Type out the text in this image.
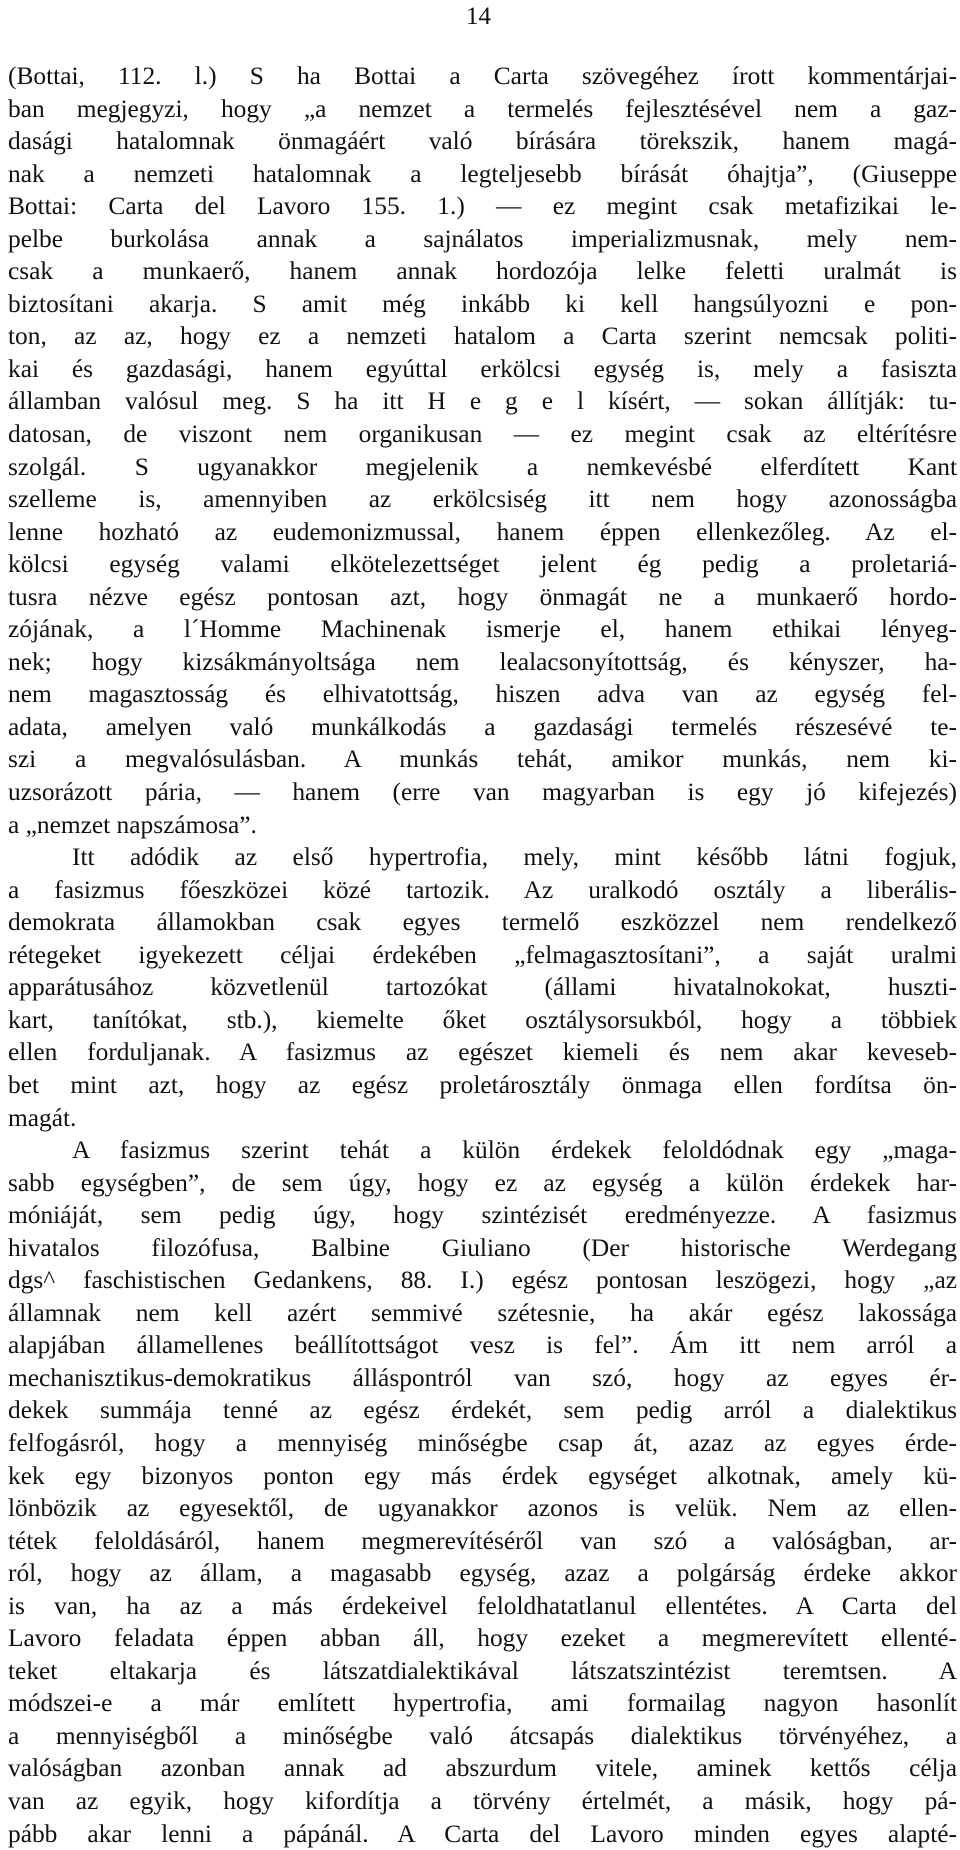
14
(Bottai, 112. l.) S ha Bottai a Carta szövegéhez írott kommentárjai-
ban megjegyzi, hogy „a nemzet a termelés fejlesztésével nem a gaz-
dasági hatalomnak önmagáért való bírására törekszik, hanem magá-
nak a nemzeti hatalomnak a legteljesebb bírását óhajtja”, (Giuseppe
Bottai: Carta del Lavoro 155. 1.) — ez megint csak metafizikai le-
pelbe burkolása annak a sajnálatos imperializmusnak, mely nem-
csak a munkaerő, hanem annak hordozója lelke feletti uralmát is
biztosítani akarja. S amit még inkább ki kell hangsúlyozni e pon-
ton, az az, hogy ez a nemzeti hatalom a Carta szerint nemcsak politi-
kai és gazdasági, hanem egyúttal erkölcsi egység is, mely a fasiszta
államban valósul meg. S ha itt H e g e l kísért, — sokan állítják: tu-
datosan, de viszont nem organikusan — ez megint csak az eltérítésre
szolgál. S ugyanakkor megjelenik a nemkevésbé elferdített Kant
szelleme is, amennyiben az erkölcsiség itt nem hogy azonosságba
lenne hozható az eudemonizmussal, hanem éppen ellenkezőleg. Az el-
kölcsi egység valami elkötelezettséget jelent ég pedig a proletariá-
tusra nézve egész pontosan azt, hogy önmagát ne a munkaerő hordo-
zójának, a l´Homme Machinenak ismerje el, hanem ethikai lényeg-
nek; hogy kizsákmányoltsága nem lealacsonyítottság, és kényszer, ha-
nem magasztosság és elhivatottság, hiszen adva van az egység fel-
adata, amelyen való munkálkodás a gazdasági termelés részesévé te-
szi a megvalósulásban. A munkás tehát, amikor munkás, nem ki-
uzsorázott pária, — hanem (erre van magyarban is egy jó kifejezés)
a „nemzet napszámosa”.
Itt adódik az első hypertrofia, mely, mint később látni fogjuk,
a fasizmus főeszközei közé tartozik. Az uralkodó osztály a liberális-
demokrata államokban csak egyes termelő eszközzel nem rendelkező
rétegeket igyekezett céljai érdekében „felmagasztosítani”, a saját uralmi
apparátusához közvetlenül tartozókat (állami hivatalnokokat, huszti-
kart, tanítókat, stb.), kiemelte őket osztálysorsukból, hogy a többiek
ellen forduljanak. A fasizmus az egészet kiemeli és nem akar kevesеb-
bet mint azt, hogy az egész proletárosztály önmaga ellen fordítsa ön-
magát.
A fasizmus szerint tehát a külön érdekek feloldódnak egy „maga-
sabb egységben”, de sem úgy, hogy ez az egység a külön érdekek har-
móniáját, sem pedig úgy, hogy szintézisét eredményezze. A fasizmus
hivatalos filozófusa, Balbine Giuliano (Der historische Werdegang
dgs^ faschistischen Gedankens, 88. I.) egész pontosan leszögezi, hogy „az
államnak nem kell azért semmivé szétesnie, ha akár egész lakossága
alapjában államellenes beállítottságot vesz is fel”. Ám itt nem arról a
mechanisztikus-demokratikus álláspontról van szó, hogy az egyes ér-
dekek summája tenné az egész érdekét, sem pedig arról a dialektikus
felfogásról, hogy a mennyiség minőségbe csap át, azaz az egyes érde-
kek egy bizonyos ponton egy más érdek egységet alkotnak, amely kü-
lönbözik az egyesektől, de ugyanakkor azonos is velük. Nem az ellen-
tétek feloldásáról, hanem megmerevítéséről van szó a valóságban, ar-
ról, hogy az állam, a magasabb egység, azaz a polgárság érdeke akkor
is van, ha az a más érdekeivel feloldhatatlanul ellentétes. A Carta del
Lavoro feladata éppen abban áll, hogy ezeket a megmerevített ellenté-
teket eltakarja és látszatdialektikával látszatszintézist teremtsen. A
módszei-e a már említett hypertrofia, ami formailag nagyon hasonlít
a mennyiségből a minőségbe való átcsapás dialektikus törvényéhez, a
valóságban azonban annak ad abszurdum vitele, aminek kettős célja
van az egyik, hogy kifordítja a törvény értelmét, a másik, hogy pá-
pább akar lenni a pápánál. A Carta del Lavoro minden egyes alapté-
